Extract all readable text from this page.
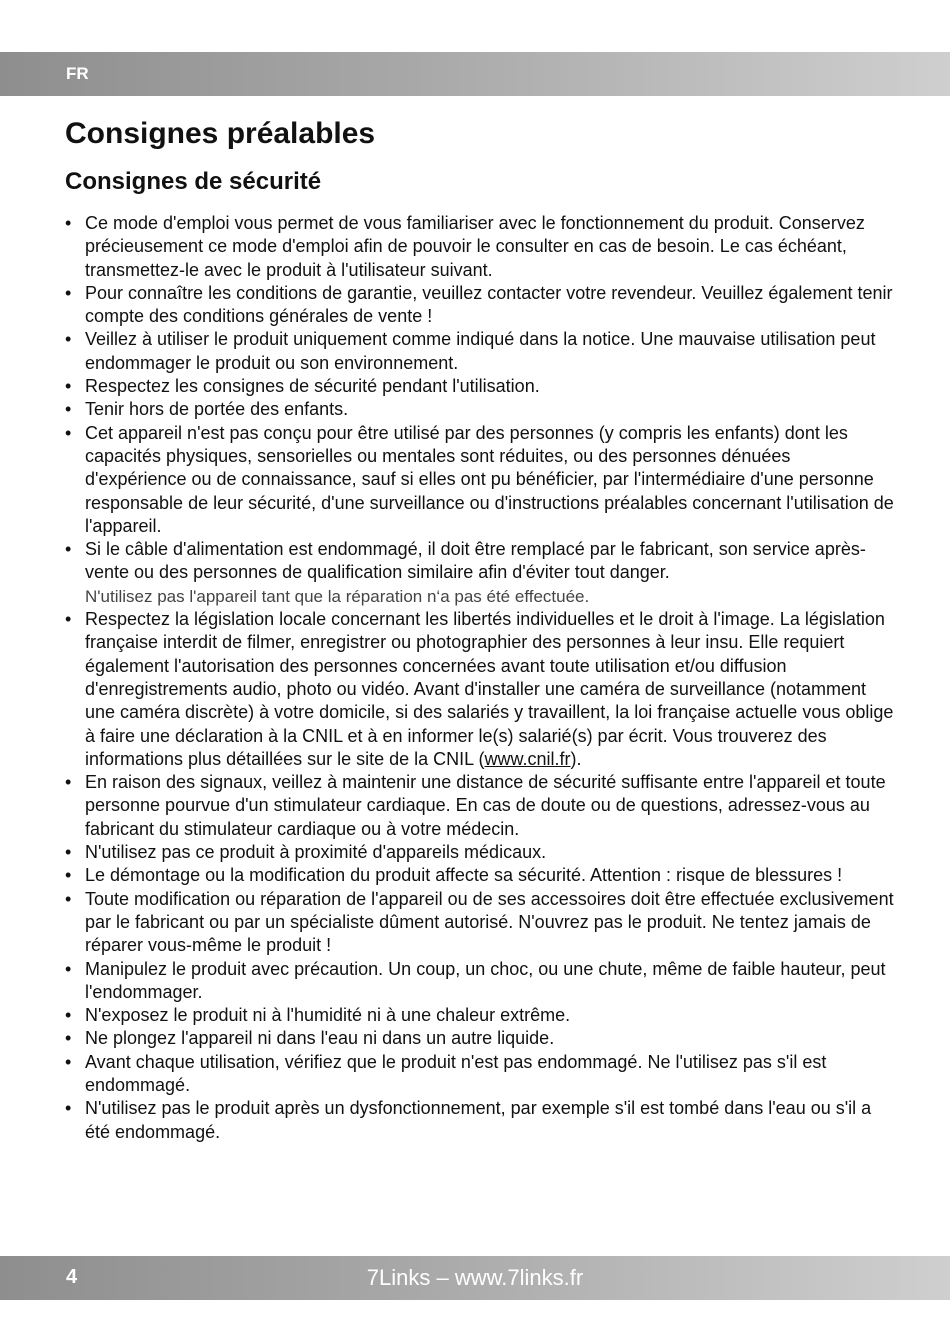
FR
Consignes préalables
Consignes de sécurité
• Ce mode d'emploi vous permet de vous familiariser avec le fonctionnement du produit. Conservez précieusement ce mode d'emploi afin de pouvoir le consulter en cas de besoin. Le cas échéant, transmettez-le avec le produit à l'utilisateur suivant.
• Pour connaître les conditions de garantie, veuillez contacter votre revendeur. Veuillez également tenir compte des conditions générales de vente !
• Veillez à utiliser le produit uniquement comme indiqué dans la notice. Une mauvaise utilisation peut endommager le produit ou son environnement.
• Respectez les consignes de sécurité pendant l'utilisation.
• Tenir hors de portée des enfants.
• Cet appareil n'est pas conçu pour être utilisé par des personnes (y compris les enfants) dont les capacités physiques, sensorielles ou mentales sont réduites, ou des personnes dénuées d'expérience ou de connaissance, sauf si elles ont pu bénéficier, par l'intermédiaire d'une personne responsable de leur sécurité, d'une surveillance ou d'instructions préalables concernant l'utilisation de l'appareil.
• Si le câble d'alimentation est endommagé, il doit être remplacé par le fabricant, son service après-vente ou des personnes de qualification similaire afin d'éviter tout danger.
N'utilisez pas l'appareil tant que la réparation n‘a pas été effectuée.
• Respectez la législation locale concernant les libertés individuelles et le droit à l'image. La législation française interdit de filmer, enregistrer ou photographier des personnes à leur insu. Elle requiert également l'autorisation des personnes concernées avant toute utilisation et/ou diffusion d'enregistrements audio, photo ou vidéo. Avant d'installer une caméra de surveillance (notamment une caméra discrète) à votre domicile, si des salariés y travaillent, la loi française actuelle vous oblige à faire une déclaration à la CNIL et à en informer le(s) salarié(s) par écrit. Vous trouverez des informations plus détaillées sur le site de la CNIL (www.cnil.fr).
• En raison des signaux, veillez à maintenir une distance de sécurité suffisante entre l'appareil et toute personne pourvue d'un stimulateur cardiaque. En cas de doute ou de questions, adressez-vous au fabricant du stimulateur cardiaque ou à votre médecin.
• N'utilisez pas ce produit à proximité d'appareils médicaux.
• Le démontage ou la modification du produit affecte sa sécurité. Attention : risque de blessures !
• Toute modification ou réparation de l'appareil ou de ses accessoires doit être effectuée exclusivement par le fabricant ou par un spécialiste dûment autorisé. N'ouvrez pas le produit. Ne tentez jamais de réparer vous-même le produit !
• Manipulez le produit avec précaution. Un coup, un choc, ou une chute, même de faible hauteur, peut l'endommager.
• N'exposez le produit ni à l'humidité ni à une chaleur extrême.
• Ne plongez l'appareil ni dans l'eau ni dans un autre liquide.
• Avant chaque utilisation, vérifiez que le produit n'est pas endommagé. Ne l'utilisez pas s'il est endommagé.
• N'utilisez pas le produit après un dysfonctionnement, par exemple s'il est tombé dans l'eau ou s'il a été endommagé.
4	7Links – www.7links.fr
